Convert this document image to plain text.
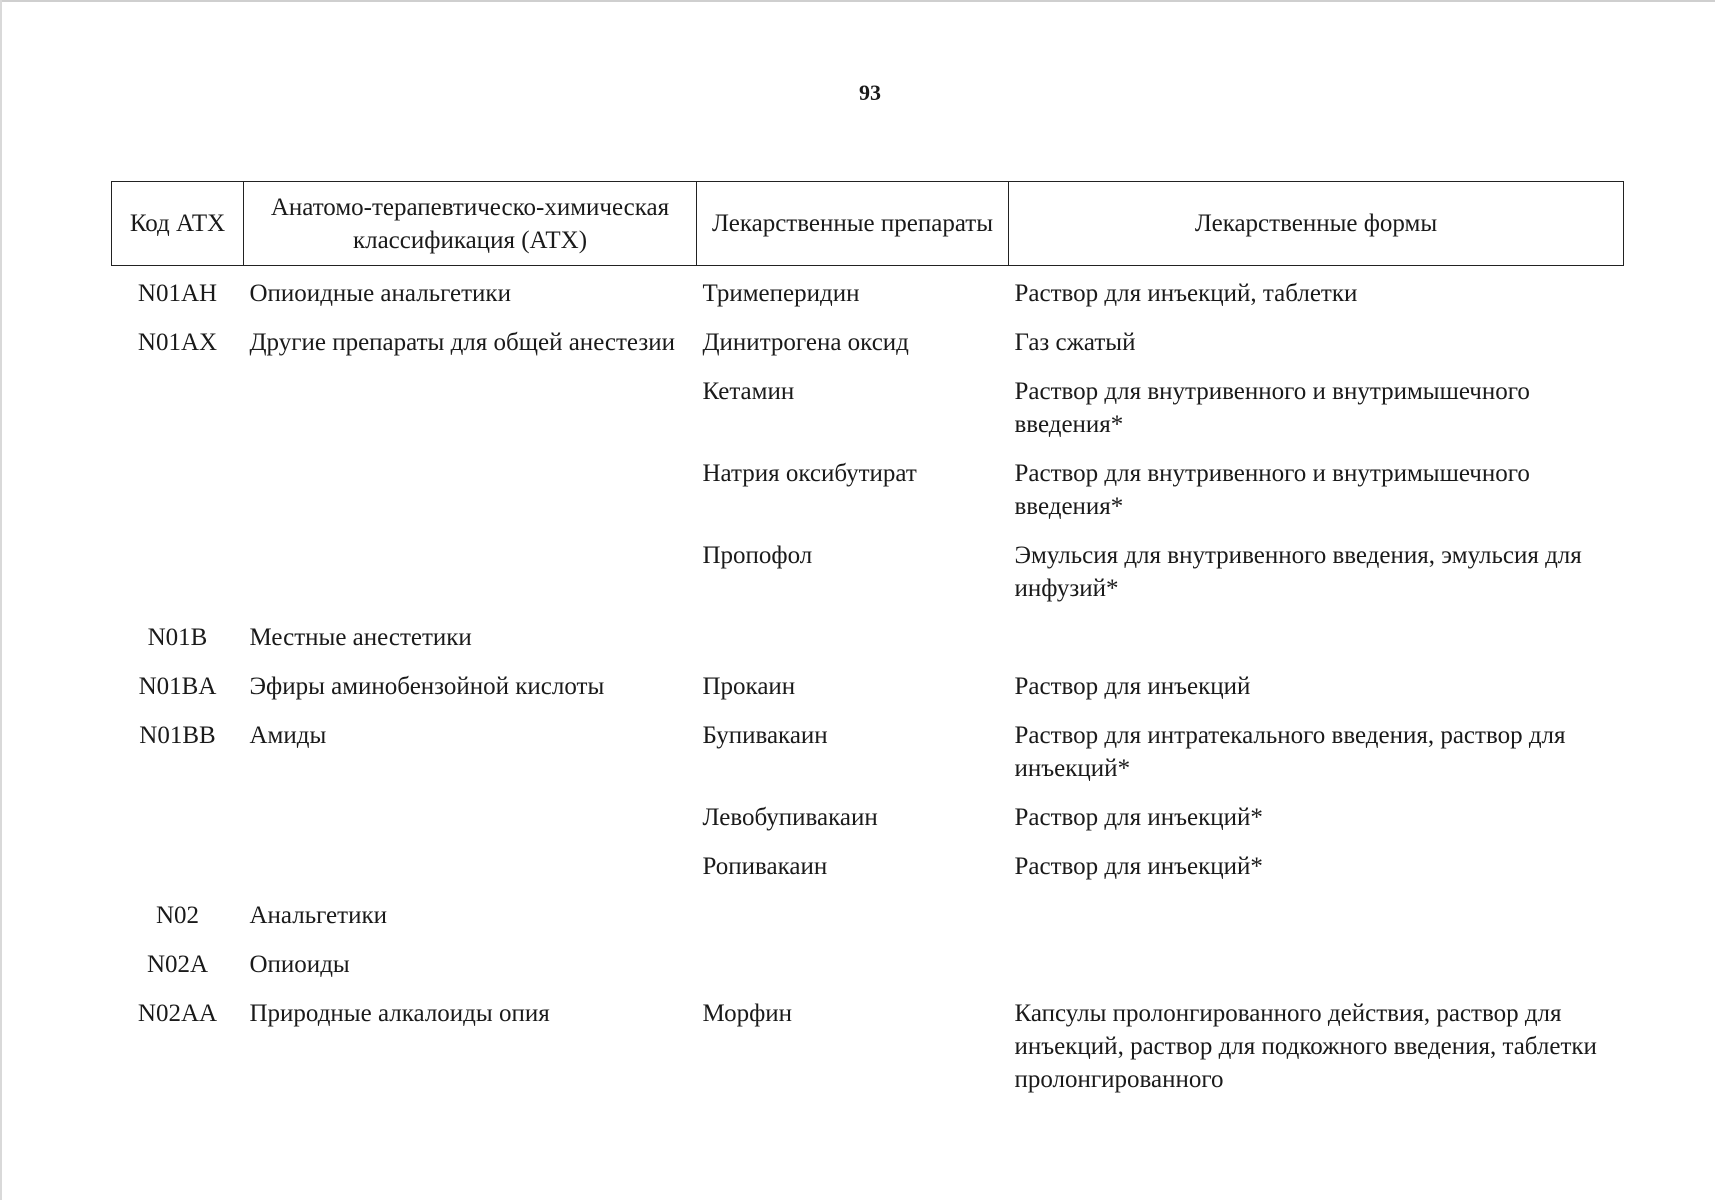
93
Код АТХ	Анатомо-терапевтическо-химическая классификация (АТХ)	Лекарственные препараты	Лекарственные формы
N01AH	Опиоидные анальгетики	Тримеперидин	Раствор для инъекций, таблетки
N01AX	Другие препараты для общей анестезии	Динитрогена оксид	Газ сжатый
		Кетамин	Раствор для внутривенного и внутримышечного введения*
		Натрия оксибутират	Раствор для внутривенного и внутримышечного введения*
		Пропофол	Эмульсия для внутривенного введения, эмульсия для инфузий*
N01B	Местные анестетики		
N01BA	Эфиры аминобензойной кислоты	Прокаин	Раствор для инъекций
N01BB	Амиды	Бупивакаин	Раствор для интратекального введения, раствор для инъекций*
		Левобупивакаин	Раствор для инъекций*
		Ропивакаин	Раствор для инъекций*
N02	Анальгетики		
N02A	Опиоиды		
N02AA	Природные алкалоиды опия	Морфин	Капсулы пролонгированного действия, раствор для инъекций, раствор для подкожного введения, таблетки пролонгированного
